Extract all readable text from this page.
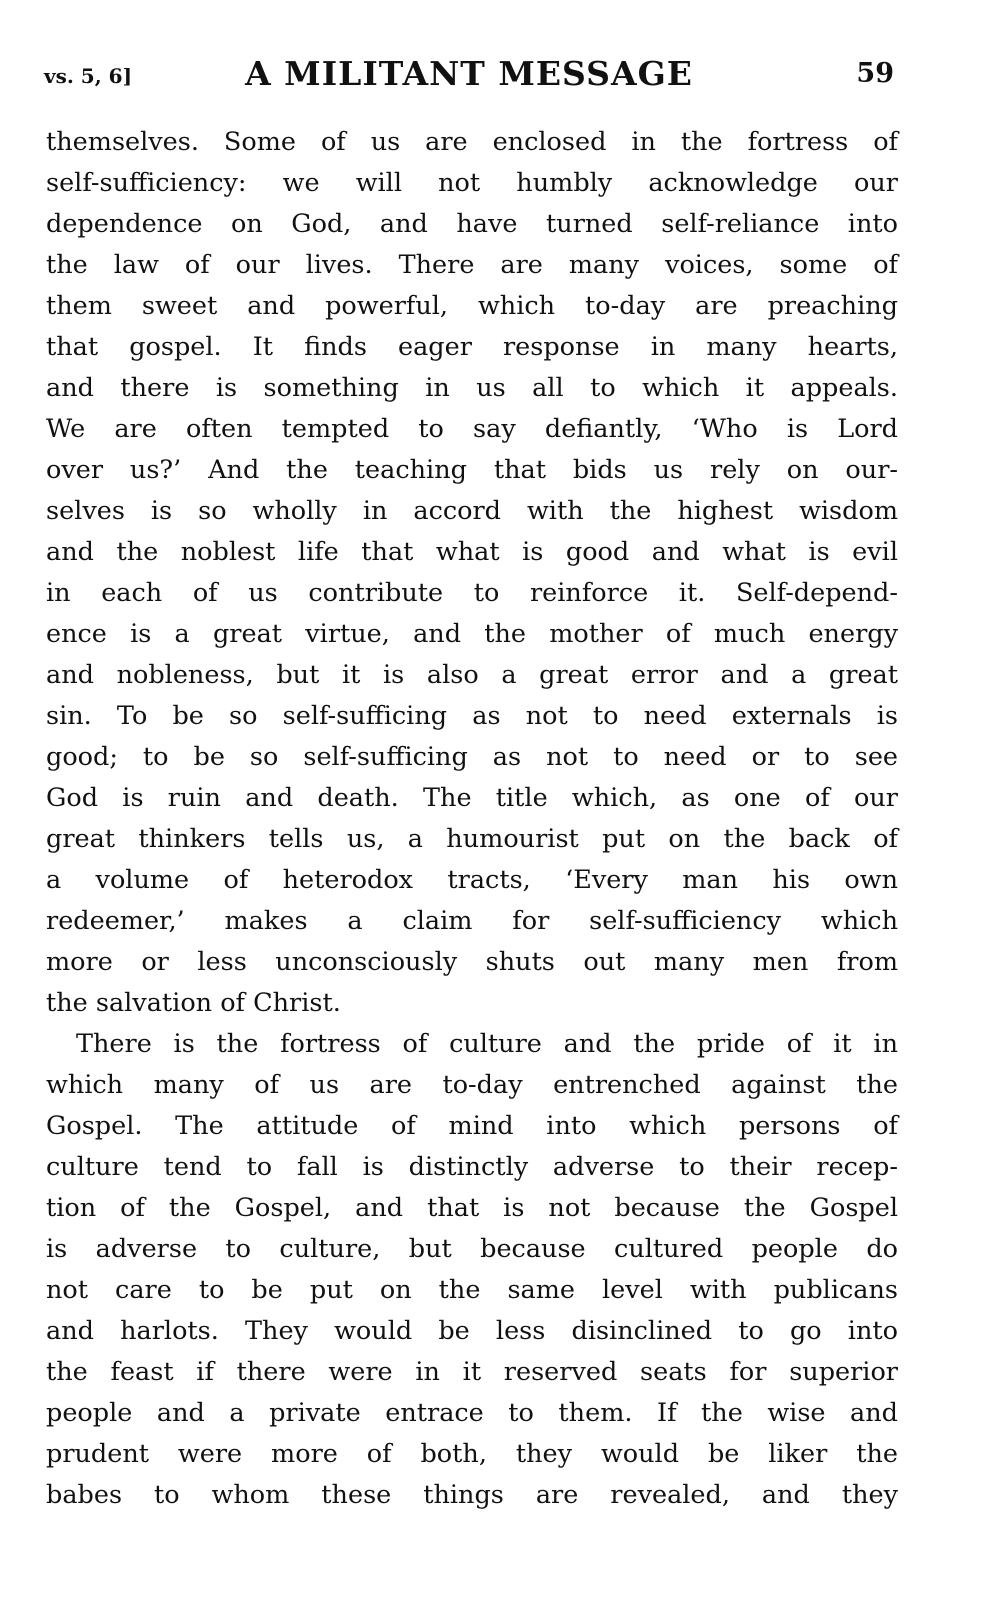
vs. 5, 6]	A MILITANT MESSAGE	59
themselves. Some of us are enclosed in the fortress of
self-sufficiency: we will not humbly acknowledge our
dependence on God, and have turned self-reliance into
the law of our lives. There are many voices, some of
them sweet and powerful, which to-day are preaching
that gospel. It finds eager response in many hearts,
and there is something in us all to which it appeals.
We are often tempted to say defiantly, ‘Who is Lord
over us?’ And the teaching that bids us rely on our-
selves is so wholly in accord with the highest wisdom
and the noblest life that what is good and what is evil
in each of us contribute to reinforce it. Self-depend-
ence is a great virtue, and the mother of much energy
and nobleness, but it is also a great error and a great
sin. To be so self-sufficing as not to need externals is
good; to be so self-sufficing as not to need or to see
God is ruin and death. The title which, as one of our
great thinkers tells us, a humourist put on the back of
a volume of heterodox tracts, ‘Every man his own
redeemer,’ makes a claim for self-sufficiency which
more or less unconsciously shuts out many men from
the salvation of Christ.
There is the fortress of culture and the pride of it in
which many of us are to-day entrenched against the
Gospel. The attitude of mind into which persons of
culture tend to fall is distinctly adverse to their recep-
tion of the Gospel, and that is not because the Gospel
is adverse to culture, but because cultured people do
not care to be put on the same level with publicans
and harlots. They would be less disinclined to go into
the feast if there were in it reserved seats for superior
people and a private entrace to them. If the wise and
prudent were more of both, they would be liker the
babes to whom these things are revealed, and they
